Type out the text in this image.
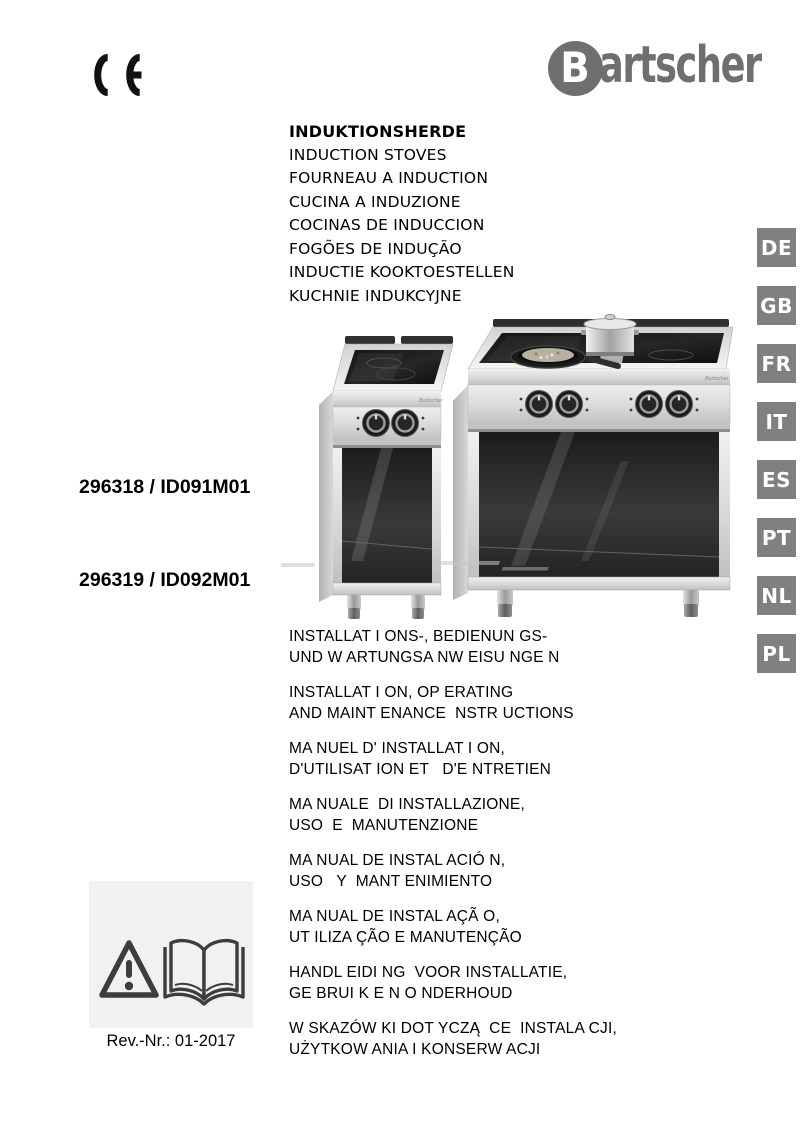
B artscher
INDUKTIONSHERDE
INDUCTION STOVES
FOURNEAU A INDUCTION
CUCINA A INDUZIONE
COCINAS DE INDUCCION
FOGÕES DE INDUÇÃO
INDUCTIE KOOKTOESTELLEN
KUCHNIE INDUKCYJNE
DE
GB
FR
IT
ES
PT
NL
PL

296318 / ID091M01

296319 / ID092M01

Bartscher
Bartscher
INSTALLAT I ONS-, BEDIENUN GS-
UND W ARTUNGSA NW EISU NGE N
INSTALLAT I ON, OP ERATING
AND MAINT ENANCE  NSTR UCTIONS
MA NUEL D' INSTALLAT I ON,
D'UTILISAT ION ET   D'E NTRETIEN
MA NUALE  DI INSTALLAZIONE,
USO  E  MANUTENZIONE
MA NUAL DE INSTAL ACIÓ N,
USO   Y  MANT ENIMIENTO
MA NUAL DE INSTAL AÇÃ O,
UT ILIZA ÇÃO E MANUTENÇÃO
HANDL EIDI NG  VOOR INSTALLATIE,
GE BRUI K E N O NDERHOUD
W SKAZÓW KI DOT YCZĄ  CE  INSTALA CJI,
UŻYTKOW ANIA I KONSERW ACJI
Rev.-Nr.: 01-2017
